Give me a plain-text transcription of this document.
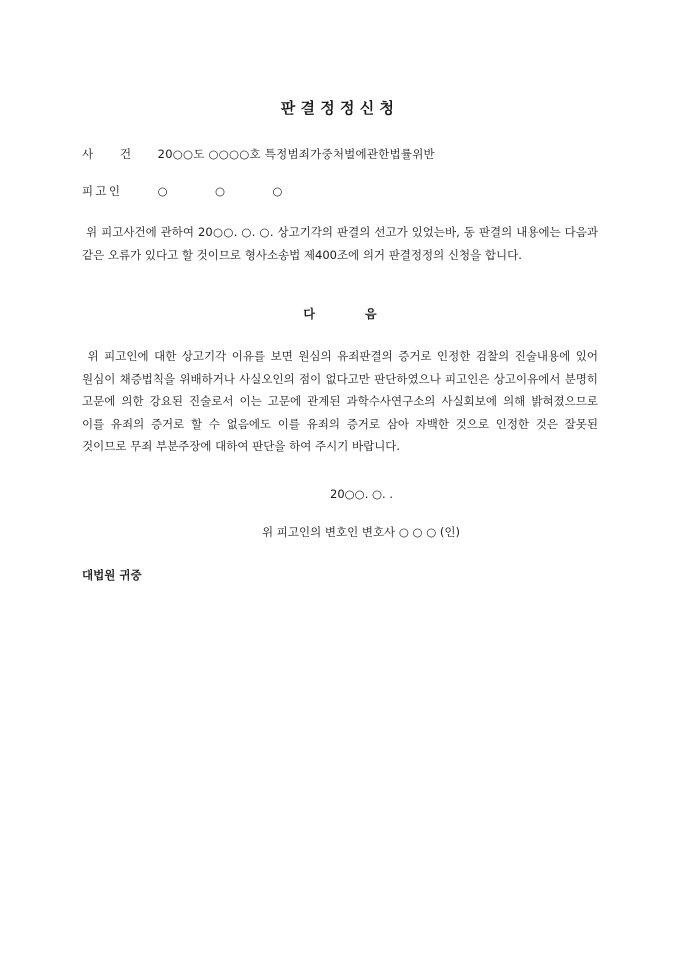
판결정정신청
사 건 20○○도 ○○○○호 특정범죄가중처벌에관한법률위반
피고인	○ ○ ○
위 피고사건에 관하여 20○○. ○. ○. 상고기각의 판결의 선고가 있었는바, 동 판결의 내용에는 다음과 같은 오류가 있다고 할 것이므로 형사소송법 제400조에 의거 판결정정의 신청을 합니다.
다	음
위 피고인에 대한 상고기각 이유를 보면 원심의 유죄판결의 증거로 인정한 검찰의 진술내용에 있어 원심이 채증법칙을 위배하거나 사실오인의 점이 없다고만 판단하였으나 피고인은 상고이유에서 분명히 고문에 의한 강요된 진술로서 이는 고문에 관계된 과학수사연구소의 사실회보에 의해 밝혀졌으므로 이를 유죄의 증거로 할 수 없음에도 이를 유죄의 증거로 삼아 자백한 것으로 인정한 것은 잘못된 것이므로 무죄 부분주장에 대하여 판단을 하여 주시기 바랍니다.
20○○. ○. .
위 피고인의 변호인 변호사 ○ ○ ○ (인)
대법원 귀중
